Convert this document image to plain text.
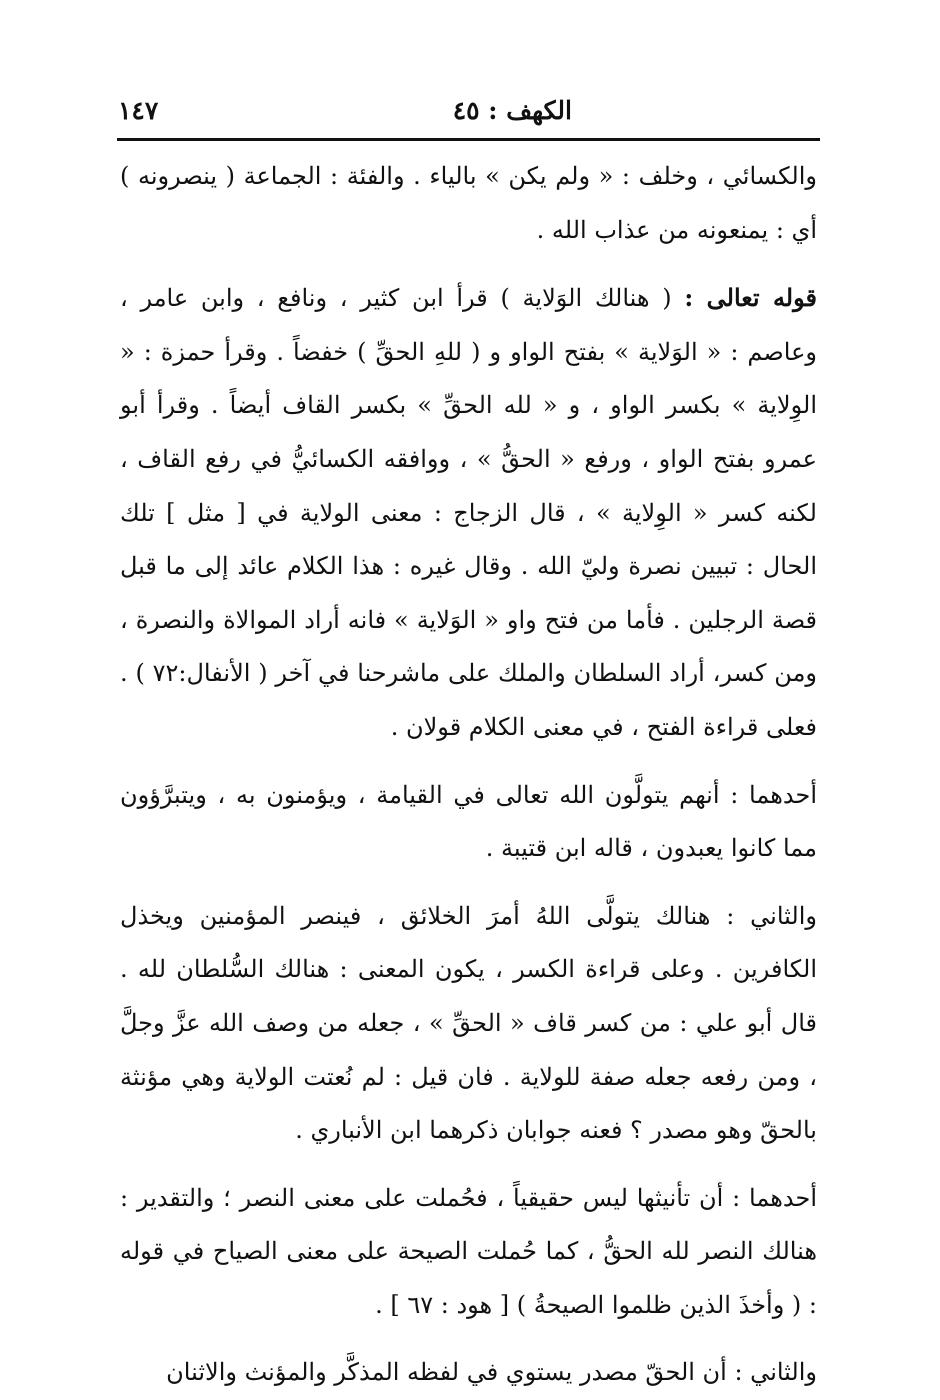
الكهف : ٤٥
١٤٧

والكسائي ، وخلف : « ولم يكن » بالياء . والفئة : الجماعة ( ينصرونه ) أي : يمنعونه من عذاب الله .

قوله تعالى : ( هنالك الوَلاية ) قرأ ابن كثير ، ونافع ، وابن عامر ، وعاصم : « الوَلاية » بفتح الواو و ( للهِ الحقِّ ) خفضاً . وقرأ حمزة : « الوِلاية » بكسر الواو ، و « لله الحقِّ » بكسر القاف أيضاً . وقرأ أبو عمرو بفتح الواو ، ورفع « الحقُّ » ، ووافقه الكسائيُّ في رفع القاف ، لكنه كسر « الوِلاية » ، قال الزجاج : معنى الولاية في [ مثل ] تلك الحال : تبيين نصرة وليّ الله . وقال غيره : هذا الكلام عائد إلى ما قبل قصة الرجلين . فأما من فتح واو « الوَلاية » فانه أراد الموالاة والنصرة ، ومن كسر، أراد السلطان والملك على ماشرحنا في آخر ( الأنفال:٧٢ ) . فعلى قراءة الفتح ، في معنى الكلام قولان .

أحدهما : أنهم يتولَّون الله تعالى في القيامة ، ويؤمنون به ، ويتبرَّؤون مما كانوا يعبدون ، قاله ابن قتيبة .

والثاني : هنالك يتولَّى اللهُ أمرَ الخلائق ، فينصر المؤمنين ويخذل الكافرين . وعلى قراءة الكسر ، يكون المعنى : هنالك السُّلطان لله . قال أبو علي : من كسر قاف « الحقِّ » ، جعله من وصف الله عزَّ وجلَّ ، ومن رفعه جعله صفة للولاية . فان قيل : لم نُعتت الولاية وهي مؤنثة بالحقّ وهو مصدر ؟ فعنه جوابان ذكرهما ابن الأنباري .

أحدهما : أن تأنيثها ليس حقيقياً ، فحُملت على معنى النصر ؛ والتقدير : هنالك النصر لله الحقُّ ، كما حُملت الصيحة على معنى الصياح في قوله : ( وأخذَ الذين ظلموا الصيحةُ ) [ هود : ٦٧ ] .

والثاني : أن الحقّ مصدر يستوي في لفظه المذكَّر والمؤنث والاثنان
